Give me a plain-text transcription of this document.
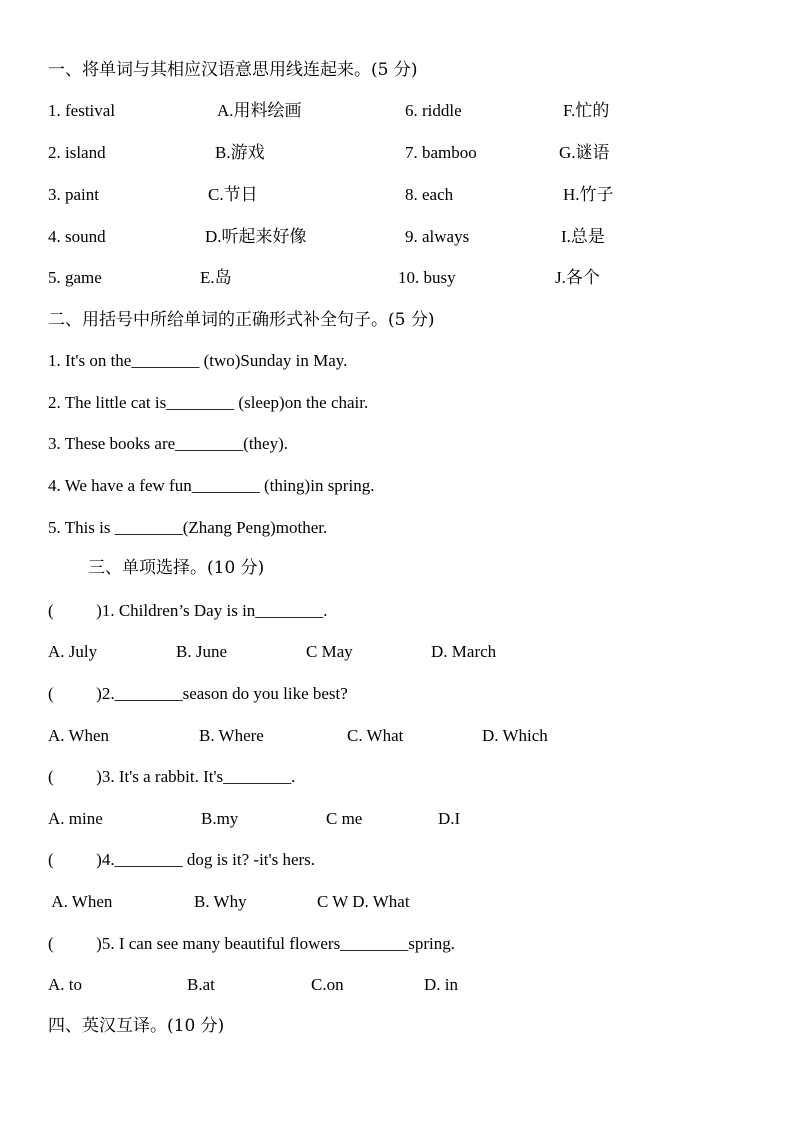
一、将单词与其相应汉语意思用线连起来。(5 分)
1. festival	A.用料绘画	6. riddle	F.忙的
2. island	B.游戏	7. bamboo	G.谜语
3. paint	C.节日	8. each	H.竹子
4. sound	D.听起来好像	9. always	I.总是
5. game	E.岛	10. busy	J.各个
二、用括号中所给单词的正确形式补全句子。(5 分)
1. It's on the________ (two)Sunday in May.
2. The little cat is________ (sleep)on the chair.
3. These books are________(they).
4. We have a few fun________ (thing)in spring.
5. This is ________(Zhang Peng)mother.
三、单项选择。(10 分)
(          )1. Children’s Day is in________.
A. July	B. June	C May	D. March
(          )2.________season do you like best?
A. When	B. Where	C. What	D. Which
(          )3. It's a rabbit. It's________.
A. mine	B.my	C me	D.I
(          )4.________ dog is it? -it's hers.
A. When	B. Why	C W D. What
(          )5. I can see many beautiful flowers________spring.
A. to	B.at	C.on	D. in
四、英汉互译。(10 分)
